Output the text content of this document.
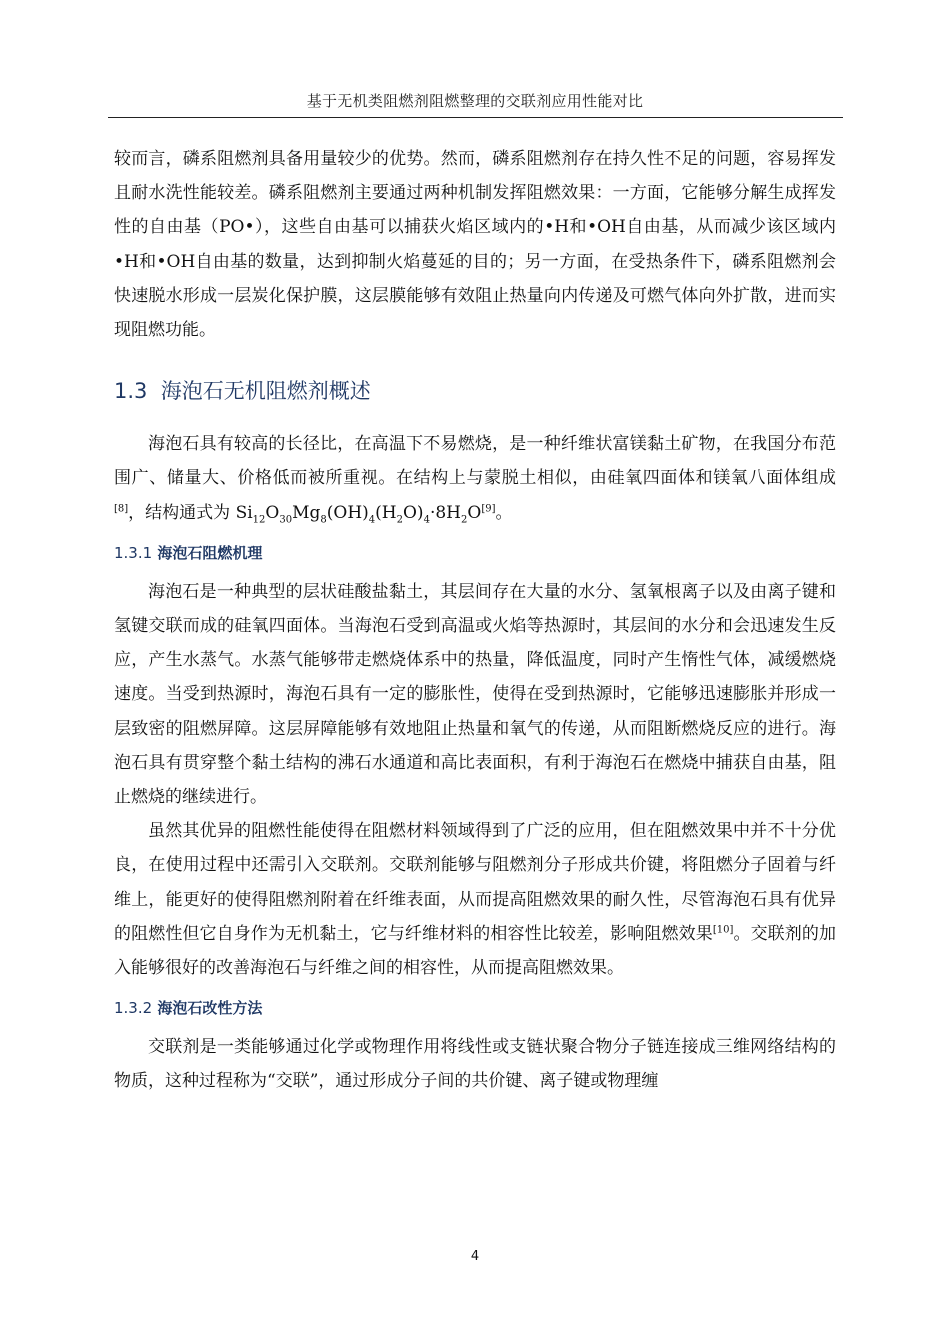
基于无机类阻燃剂阻燃整理的交联剂应用性能对比

较而言，磷系阻燃剂具备用量较少的优势。然而，磷系阻燃剂存在持久性不足的问题，容易挥发且耐水洗性能较差。磷系阻燃剂主要通过两种机制发挥阻燃效果：一方面，它能够分解生成挥发性的自由基（PO•），这些自由基可以捕获火焰区域内的•H和•OH自由基，从而减少该区域内•H和•OH自由基的数量，达到抑制火焰蔓延的目的；另一方面，在受热条件下，磷系阻燃剂会快速脱水形成一层炭化保护膜，这层膜能够有效阻止热量向内传递及可燃气体向外扩散，进而实现阻燃功能。

1.3 海泡石无机阻燃剂概述

海泡石具有较高的长径比，在高温下不易燃烧，是一种纤维状富镁黏土矿物，在我国分布范围广、储量大、价格低而被所重视。在结构上与蒙脱土相似，由硅氧四面体和镁氧八面体组成[8]，结构通式为 $Si_{12}O_{30}Mg_8(OH)_4(H_2O)_4\cdot 8H_2O[9]$。

1.3.1 海泡石阻燃机理

海泡石是一种典型的层状硅酸盐黏土，其层间存在大量的水分、氢氧根离子以及由离子键和氢键交联而成的硅氧四面体。当海泡石受到高温或火焰等热源时，其层间的水分和会迅速发生反应，产生水蒸气。水蒸气能够带走燃烧体系中的热量，降低温度，同时产生惰性气体，减缓燃烧速度。当受到热源时，海泡石具有一定的膨胀性，使得在受到热源时，它能够迅速膨胀并形成一层致密的阻燃屏障。这层屏障能够有效地阻止热量和氧气的传递，从而阻断燃烧反应的进行。海泡石具有贯穿整个黏土结构的沸石水通道和高比表面积，有利于海泡石在燃烧中捕获自由基，阻止燃烧的继续进行。

虽然其优异的阻燃性能使得在阻燃材料领域得到了广泛的应用，但在阻燃效果中并不十分优良，在使用过程中还需引入交联剂。交联剂能够与阻燃剂分子形成共价键，将阻燃分子固着与纤维上，能更好的使得阻燃剂附着在纤维表面，从而提高阻燃效果的耐久性，尽管海泡石具有优异的阻燃性但它自身作为无机黏土，它与纤维材料的相容性比较差，影响阻燃效果[10]。交联剂的加入能够很好的改善海泡石与纤维之间的相容性，从而提高阻燃效果。

1.3.2 海泡石改性方法

交联剂是一类能够通过化学或物理作用将线性或支链状聚合物分子链连接成三维网络结构的物质，这种过程称为“交联”，通过形成分子间的共价键、离子键或物理缠

4
